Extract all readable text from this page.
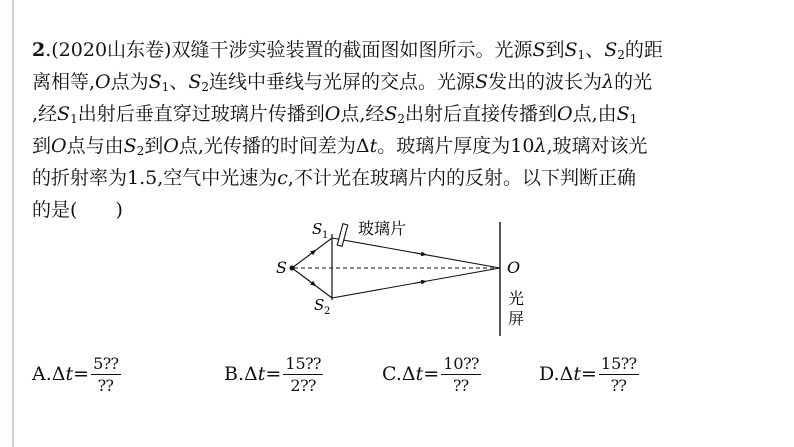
2.(2020山东卷)双缝干涉实验装置的截面图如图所示。光源S到$S_1$、$S_2$的距
离相等,O点为$S_1$、$S_2$连线中垂线与光屏的交点。光源S发出的波长为λ的光
,经$S_1$出射后垂直穿过玻璃片传播到O点,经$S_2$出射后直接传播到O点,由$S_1$
到O点与由$S_2$到O点,光传播的时间差为Δt。玻璃片厚度为10λ,玻璃对该光
的折射率为1.5,空气中光速为c,不计光在玻璃片内的反射。以下判断正确
的是(　　 )
S
S 1
S 2
玻璃片
O
光
屏
$A.\Delta t= \frac{5⁇}{⁇}$	$B.\Delta t= \frac{15⁇}{2⁇}$	$C.\Delta t= \frac{10⁇}{⁇}$	$D.\Delta t= \frac{15⁇}{⁇}$
